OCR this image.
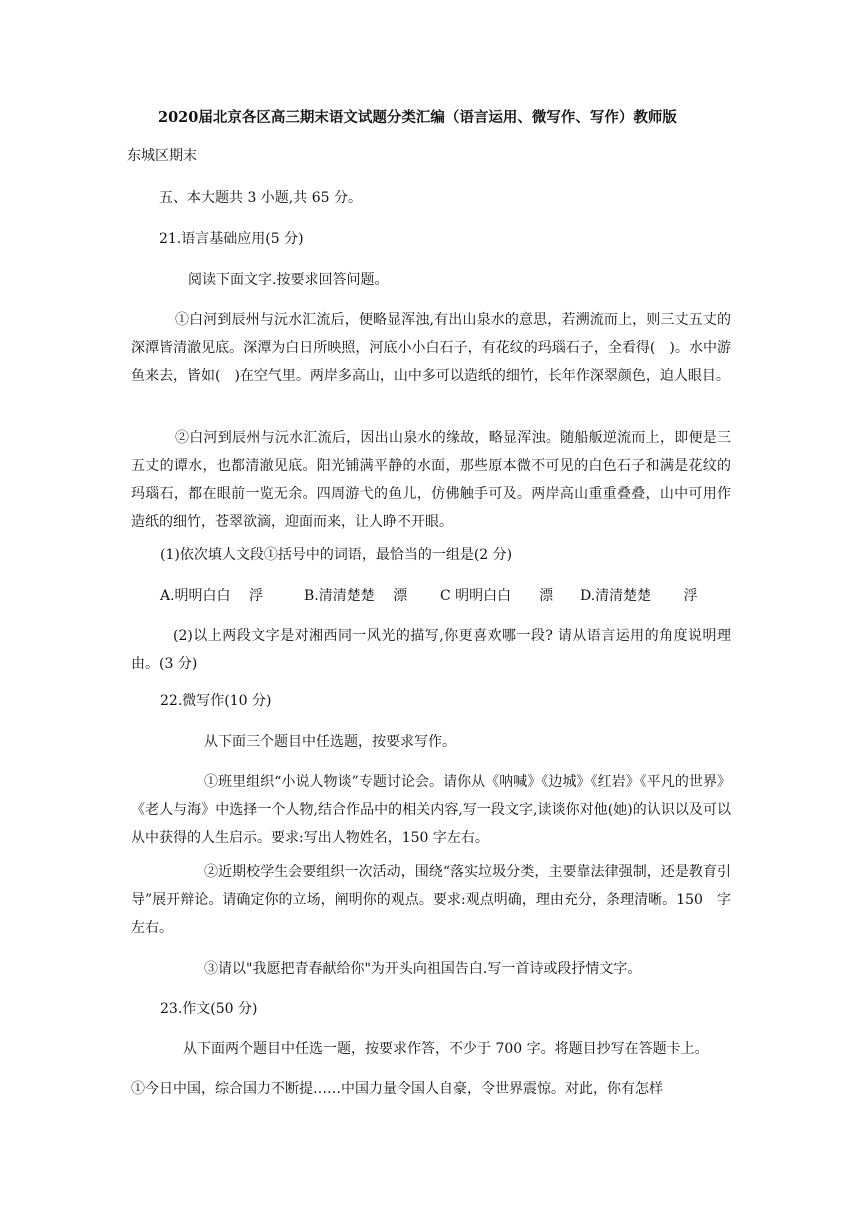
2020届北京各区高三期末语文试题分类汇编（语言运用、微写作、写作）教师版
东城区期末
五、本大题共 3 小题,共 65 分。
21.语言基础应用(5 分)
阅读下面文字.按要求回答问题。
①白河到辰州与沅水汇流后，便略显浑浊,有出山泉水的意思，若溯流而上，则三丈五丈的深潭皆清澈见底。深潭为白日所映照，河底小小白石子，有花纹的玛瑙石子，全看得(　)。水中游鱼来去，皆如(　)在空气里。两岸多高山，山中多可以造纸的细竹，长年作深翠颜色，迫人眼目。
②白河到辰州与沅水汇流后，因出山泉水的缘故，略显浑浊。随船舨逆流而上，即便是三五丈的谭水，也都清澈见底。阳光铺满平静的水面，那些原本微不可见的白色石子和满是花纹的玛瑙石，都在眼前一览无余。四周游弋的鱼儿，仿佛触手可及。两岸高山重重叠叠，山中可用作造纸的细竹，苍翠欲滴，迎面而来，让人睁不开眼。
(1)依次填人文段①括号中的词语，最恰当的一组是(2 分)
A.明明白白　 浮	B.清清楚楚　 漂 C 明明白白　　漂 D.清清楚楚　　 浮
(2)以上两段文字是对湘西同一风光的描写,你更喜欢哪一段? 请从语言运用的角度说明理由。(3 分)
22.微写作(10 分)
从下面三个题目中任选题，按要求写作。
①班里组织“小说人物谈”专题讨论会。请你从《呐喊》《边城》《红岩》《平凡的世界》《老人与海》中选择一个人物,结合作品中的相关内容,写一段文字,读谈你对他(她)的认识以及可以从中获得的人生启示。要求:写出人物姓名，150 字左右。
②近期校学生会要组织一次活动，围绕“落实垃圾分类，主要靠法律强制，还是教育引导”展开辩论。请确定你的立场，阐明你的观点。要求:观点明确，理由充分，条理清晰。150　字左右。
③请以"我愿把青春献给你"为开头向祖国告白.写一首诗或段抒情文字。
23.作文(50 分)
从下面两个题目中任选一题，按要求作答，不少于 700 字。将题目抄写在答题卡上。
①今日中国，综合国力不断提……中国力量令国人自豪，令世界震惊。对此，你有怎样
